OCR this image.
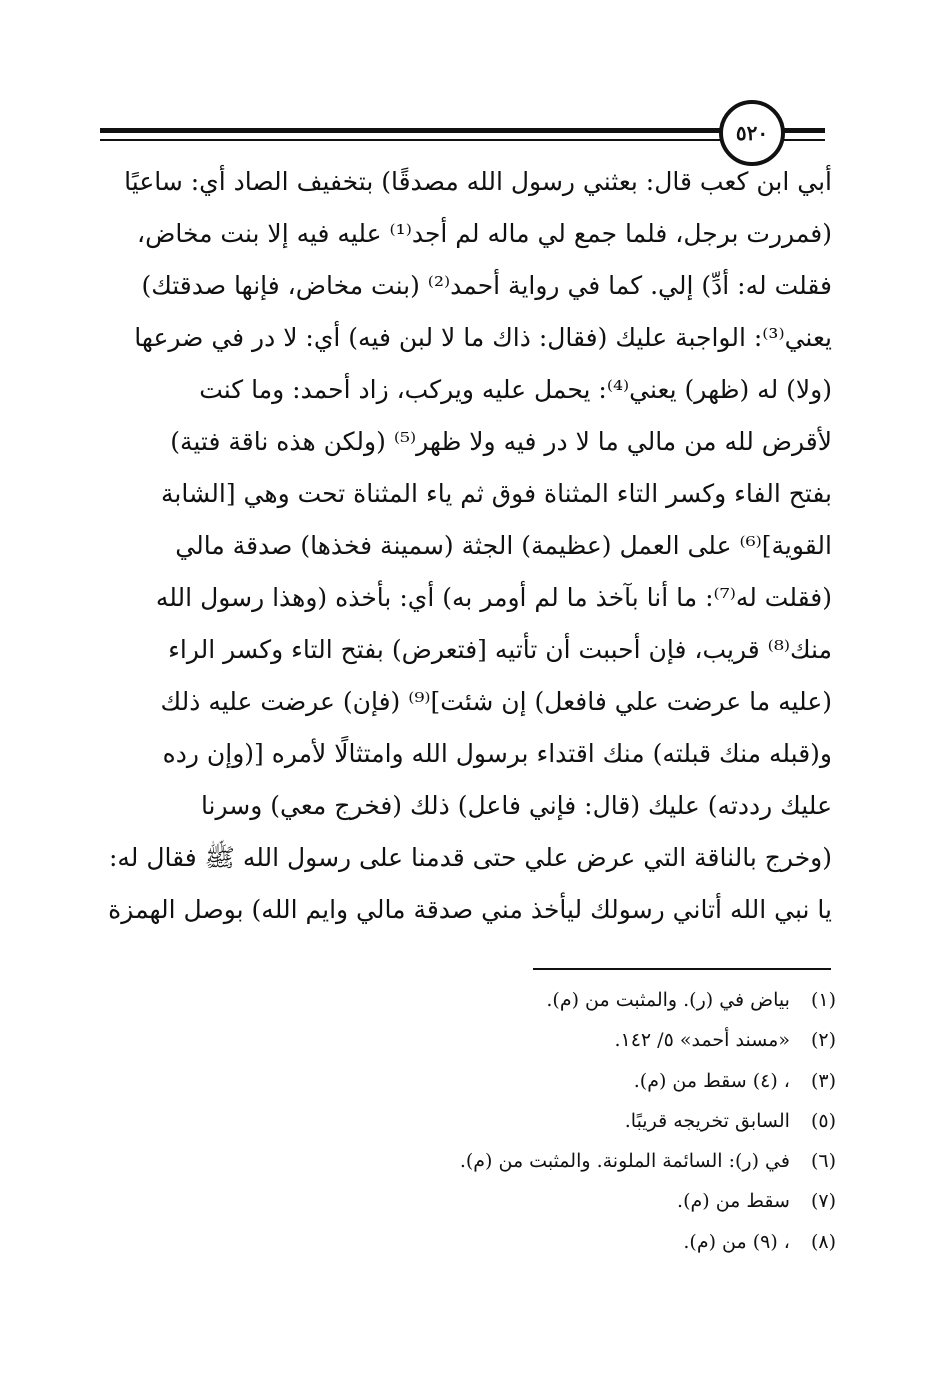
٥٢٠
أبي ابن كعب قال: بعثني رسول الله مصدقًا) بتخفيف الصاد أي: ساعيًا
(فمررت برجل، فلما جمع لي ماله لم أجد⁽¹⁾ عليه فيه إلا بنت مخاض،
فقلت له: أدِّ) إلي. كما في رواية أحمد⁽²⁾ (بنت مخاض، فإنها صدقتك)
يعني⁽³⁾: الواجبة عليك (فقال: ذاك ما لا لبن فيه) أي: لا در في ضرعها
(ولا) له (ظهر) يعني⁽⁴⁾: يحمل عليه ويركب، زاد أحمد: وما كنت
لأقرض لله من مالي ما لا در فيه ولا ظهر⁽⁵⁾ (ولكن هذه ناقة فتية)
بفتح الفاء وكسر التاء المثناة فوق ثم ياء المثناة تحت وهي [الشابة
القوية]⁽⁶⁾ على العمل (عظيمة) الجثة (سمينة فخذها) صدقة مالي
(فقلت له⁽⁷⁾: ما أنا بآخذ ما لم أومر به) أي: بأخذه (وهذا رسول الله
منك⁽⁸⁾ قريب، فإن أحببت أن تأتيه [فتعرض) بفتح التاء وكسر الراء
(عليه ما عرضت علي فافعل) إن شئت]⁽⁹⁾ (فإن) عرضت عليه ذلك
و(قبله منك قبلته) منك اقتداء برسول الله وامتثالًا لأمره [(وإن رده
عليك رددته) عليك (قال: فإني فاعل) ذلك (فخرج معي) وسرنا
(وخرج بالناقة التي عرض علي حتى قدمنا على رسول الله ﷺ فقال له:
يا نبي الله أتاني رسولك ليأخذ مني صدقة مالي وايم الله) بوصل الهمزة
(١) بياض في (ر). والمثبت من (م).
(٢) «مسند أحمد» ٥/ ١٤٢.
(٣) ، (٤) سقط من (م).
(٥) السابق تخريجه قريبًا.
(٦) في (ر): السائمة الملونة. والمثبت من (م).
(٧) سقط من (م).
(٨) ، (٩) من (م).
